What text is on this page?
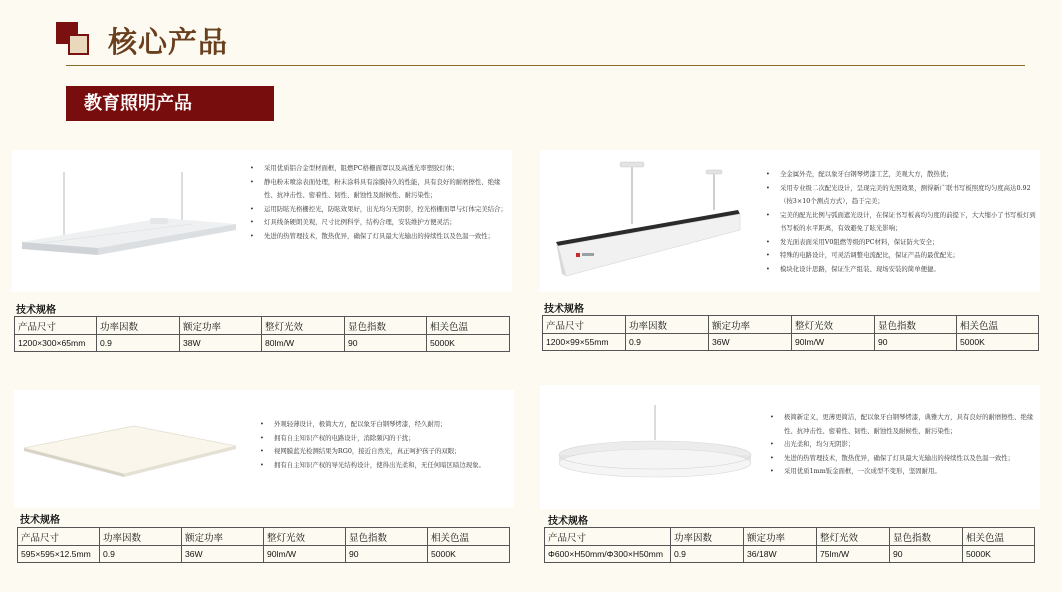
核心产品
教育照明产品
• 采用优质铝合金型材面框，阻燃PC格栅面罩以及高透光率塑胶灯体；
• 静电粉末喷涂表面处理，粉末涂料具有涂膜持久的性能，具有良好的耐磨擦性、绝缘性、抗冲击性、密着性、韧性、耐蚀性及耐候性、耐污染性；
• 运用防眩光格栅控光，防眩效果好，出光均匀无阴影，控光格栅面罩与灯体完美结合；
• 灯具线条硬朗美观，尺寸比例科学，结构合理，安装维护方便灵活；
• 先进的热管理技术，散热优异，确保了灯具最大光输出的持续性以及色温一致性；
技术规格
产品尺寸	功率因数	额定功率	整灯光效	显色指数	相关色温
1200×300×65mm	0.9	38W	80lm/W	90	5000K
• 全金属外壳，配以象牙白钢琴烤漆工艺，美观大方，散热优；
• 采用专业级二次配光设计，呈现完美的光照效果，测得新广联书写板照度均匀度高达0.92（按3×10个测点方式），趋于完美；
• 完美的配光比例与弧面遮光设计，在保证书写板高均匀度的前提下，大大缩小了书写板灯到书写板的水平距离，有效避免了眩光影响；
• 发光面表面采用V0阻燃等级的PC材料，保证防火安全；
• 特殊的电路设计，可灵活调整电流配比，保证产品的最优配光；
• 模块化设计思路，保证生产组装、现场安装的简单便捷。
技术规格
产品尺寸	功率因数	额定功率	整灯光效	显色指数	相关色温
1200×99×55mm	0.9	36W	90lm/W	90	5000K
• 外观轻薄设计，极简大方，配以象牙白钢琴烤漆，经久耐用；
• 拥有自主知识产权的电路设计，消除频闪的干扰；
• 视网膜蓝光检测结果为RG0，接近自然光，真正呵护孩子的双眼；
• 拥有自主知识产权的导光结构设计，使得出光柔和，无任何暗区暗边现象。
技术规格
产品尺寸	功率因数	额定功率	整灯光效	显色指数	相关色温
595×595×12.5mm	0.9	36W	90lm/W	90	5000K
• 极简新定义，更薄更简洁，配以象牙白钢琴烤漆，典雅大方，具有良好的耐磨擦性、绝缘性、抗冲击性、密着性、韧性、耐蚀性及耐候性、耐污染性；
• 出光柔和，均匀无阴影；
• 先进的热管理技术，散热优异，确保了灯具最大光输出的持续性以及色温一致性；
• 采用优质1mm钣金面框，一次成型不变形，坚固耐用。
技术规格
产品尺寸	功率因数	额定功率	整灯光效	显色指数	相关色温
Φ600×H50mm/Φ300×H50mm	0.9	36/18W	75lm/W	90	5000K
